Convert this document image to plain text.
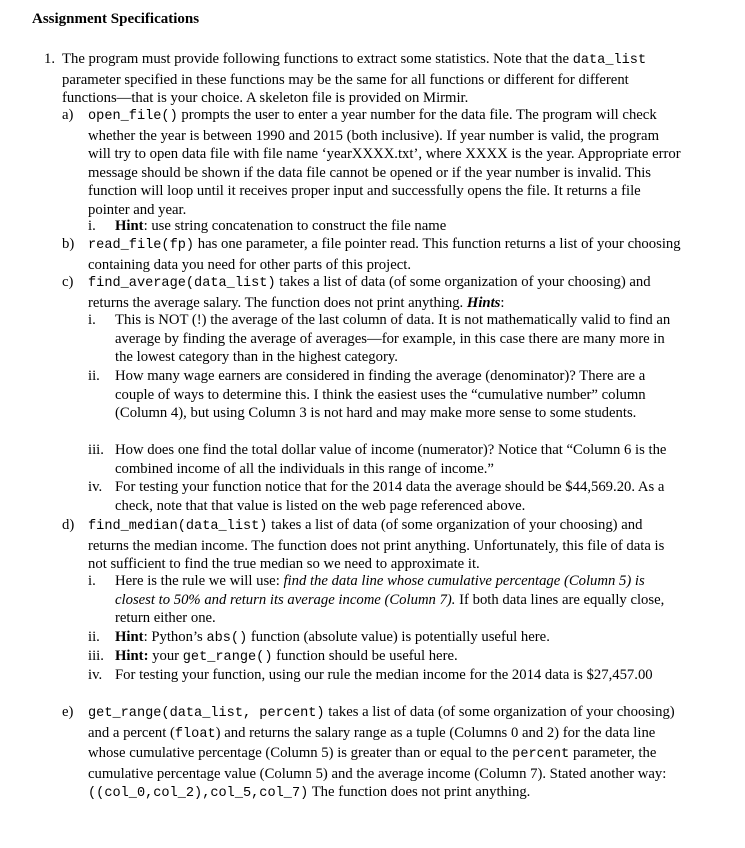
Assignment Specifications
1. The program must provide following functions to extract some statistics. Note that the data_list parameter specified in these functions may be the same for all functions or different for different functions—that is your choice. A skeleton file is provided on Mirmir.
a) open_file() prompts the user to enter a year number for the data file. The program will check whether the year is between 1990 and 2015 (both inclusive). If year number is valid, the program will try to open data file with file name ‘yearXXXX.txt’, where XXXX is the year. Appropriate error message should be shown if the data file cannot be opened or if the year number is invalid. This function will loop until it receives proper input and successfully opens the file. It returns a file pointer and year.
i. Hint: use string concatenation to construct the file name
b) read_file(fp) has one parameter, a file pointer read. This function returns a list of your choosing containing data you need for other parts of this project.
c) find_average(data_list) takes a list of data (of some organization of your choosing) and returns the average salary. The function does not print anything. Hints:
i. This is NOT (!) the average of the last column of data. It is not mathematically valid to find an average by finding the average of averages—for example, in this case there are many more in the lowest category than in the highest category.
ii. How many wage earners are considered in finding the average (denominator)? There are a couple of ways to determine this. I think the easiest uses the “cumulative number” column (Column 4), but using Column 3 is not hard and may make more sense to some students.
iii. How does one find the total dollar value of income (numerator)? Notice that “Column 6 is the combined income of all the individuals in this range of income.”
iv. For testing your function notice that for the 2014 data the average should be $44,569.20. As a check, note that that value is listed on the web page referenced above.
d) find_median(data_list) takes a list of data (of some organization of your choosing) and returns the median income. The function does not print anything. Unfortunately, this file of data is not sufficient to find the true median so we need to approximate it.
i. Here is the rule we will use: find the data line whose cumulative percentage (Column 5) is closest to 50% and return its average income (Column 7). If both data lines are equally close, return either one.
ii. Hint: Python’s abs() function (absolute value) is potentially useful here.
iii. Hint: your get_range() function should be useful here.
iv. For testing your function, using our rule the median income for the 2014 data is $27,457.00
e) get_range(data_list, percent) takes a list of data (of some organization of your choosing) and a percent (float) and returns the salary range as a tuple (Columns 0 and 2) for the data line whose cumulative percentage (Column 5) is greater than or equal to the percent parameter, the cumulative percentage value (Column 5) and the average income (Column 7). Stated another way: ((col_0,col_2),col_5,col_7) The function does not print anything.
